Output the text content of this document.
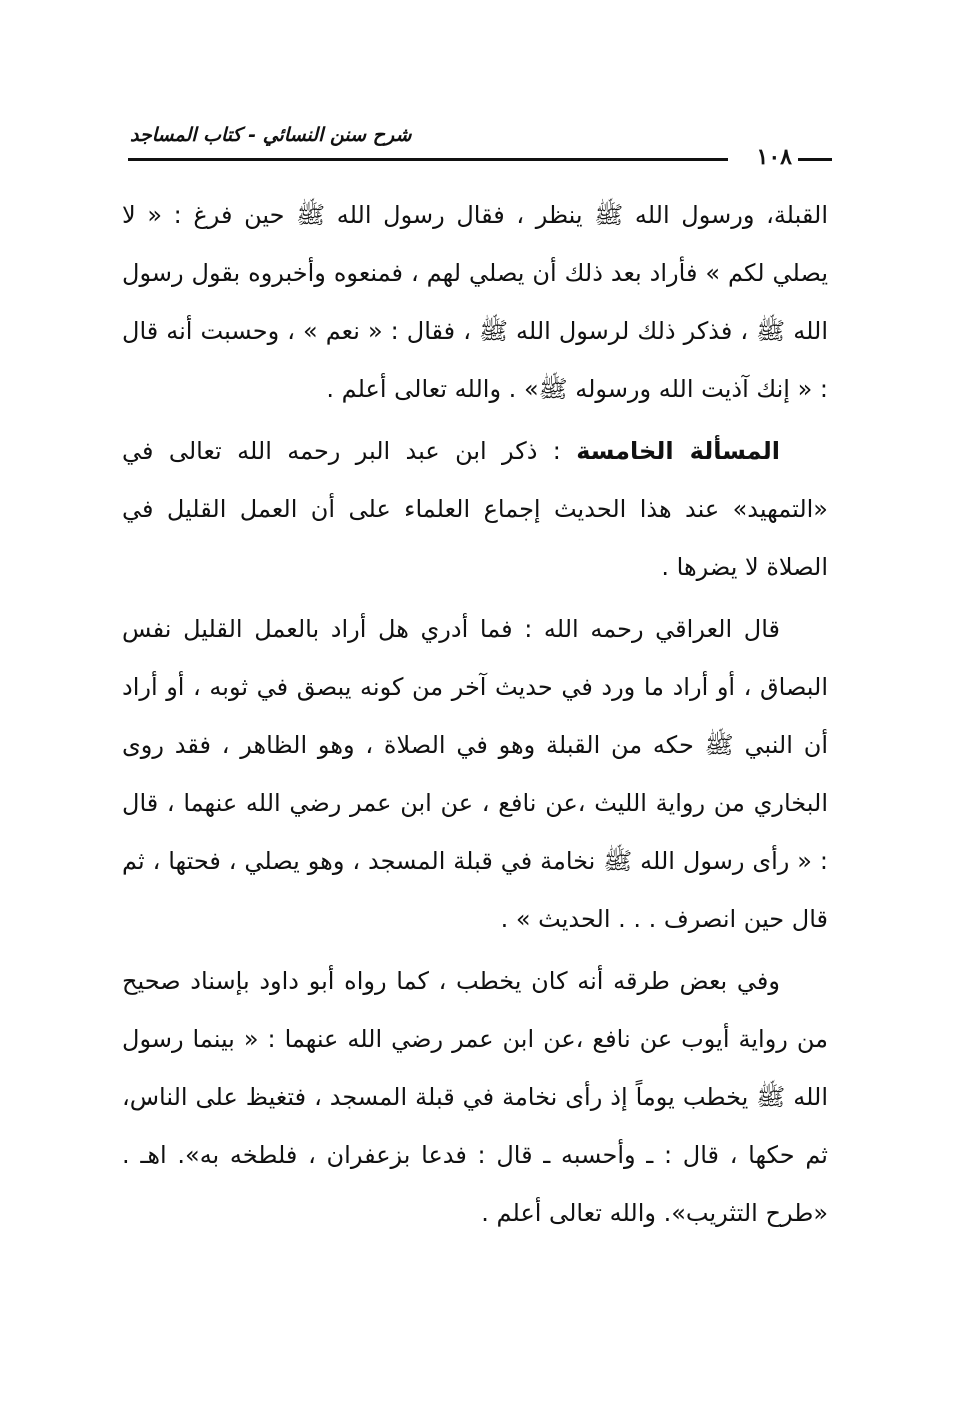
شرح سنن النسائي - كتاب المساجد
١٠٨

القبلة، ورسول الله ﷺ ينظر ، فقال رسول الله ﷺ حين فرغ : « لا يصلي لكم » فأراد بعد ذلك أن يصلي لهم ، فمنعوه وأخبروه بقول رسول الله ﷺ ، فذكر ذلك لرسول الله ﷺ ، فقال : « نعم » ، وحسبت أنه قال : « إنك آذيت الله ورسوله ﷺ» . والله تعالى أعلم .

المسألة الخامسة : ذكر ابن عبد البر رحمه الله تعالى في «التمهيد» عند هذا الحديث إجماع العلماء على أن العمل القليل في الصلاة لا يضرها .

قال العراقي رحمه الله : فما أدري هل أراد بالعمل القليل نفس البصاق ، أو أراد ما ورد في حديث آخر من كونه يبصق في ثوبه ، أو أراد أن النبي ﷺ حكه من القبلة وهو في الصلاة ، وهو الظاهر ، فقد روى البخاري من رواية الليث ،عن نافع ، عن ابن عمر رضي الله عنهما ، قال : « رأى رسول الله ﷺ نخامة في قبلة المسجد ، وهو يصلي ، فحتها ، ثم قال حين انصرف . . . الحديث » .

وفي بعض طرقه أنه كان يخطب ، كما رواه أبو داود بإسناد صحيح من رواية أيوب عن نافع ،عن ابن عمر رضي الله عنهما : « بينما رسول الله ﷺ يخطب يوماً إذ رأى نخامة في قبلة المسجد ، فتغيظ على الناس، ثم حكها ، قال : ـ وأحسبه ـ قال : فدعا بزعفران ، فلطخه به». اهـ . «طرح التثريب». والله تعالى أعلم .
